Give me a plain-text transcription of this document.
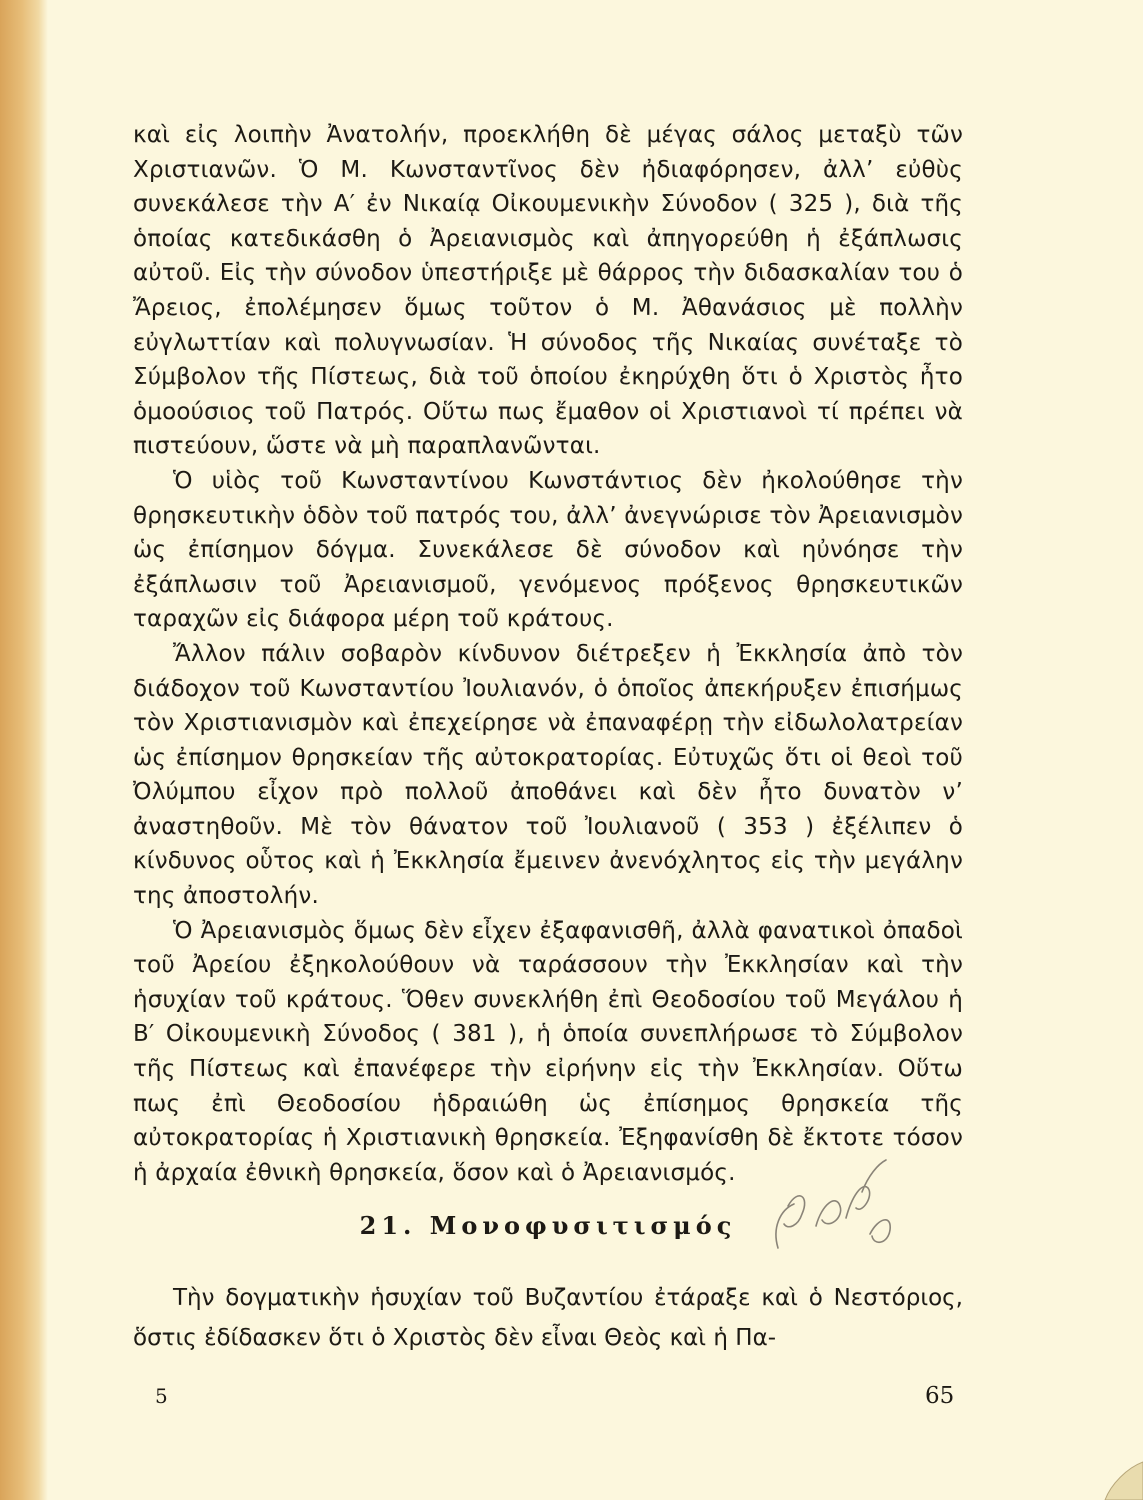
καὶ εἰς λοιπὴν Ἀνατολήν, προεκλήθη δὲ μέγας σάλος μεταξὺ τῶν Χριστιανῶν. Ὁ Μ. Κωνσταντῖνος δὲν ἠδιαφόρησεν, ἀλλ’ εὐθὺς συνεκάλεσε τὴν Α′ ἐν Νικαίᾳ Οἰκουμενικὴν Σύνοδον ( 325 ), διὰ τῆς ὁποίας κατεδικάσθη ὁ Ἀρειανισμὸς καὶ ἀπηγορεύθη ἡ ἐξάπλωσις αὐτοῦ. Εἰς τὴν σύνοδον ὑπεστήριξε μὲ θάρρος τὴν διδασκαλίαν του ὁ Ἄρειος, ἐπολέμησεν ὅμως τοῦτον ὁ Μ. Ἀθανάσιος μὲ πολλὴν εὐγλωττίαν καὶ πολυγνωσίαν. Ἡ σύνοδος τῆς Νικαίας συνέταξε τὸ Σύμβολον τῆς Πίστεως, διὰ τοῦ ὁποίου ἐκηρύχθη ὅτι ὁ Χριστὸς ἦτο ὁμοούσιος τοῦ Πατρός. Οὕτω πως ἔμαθον οἱ Χριστιανοὶ τί πρέπει νὰ πιστεύουν, ὥστε νὰ μὴ παραπλανῶνται.

Ὁ υἱὸς τοῦ Κωνσταντίνου Κωνστάντιος δὲν ἠκολούθησε τὴν θρησκευτικὴν ὁδὸν τοῦ πατρός του, ἀλλ’ ἀνεγνώρισε τὸν Ἀρειανισμὸν ὡς ἐπίσημον δόγμα. Συνεκάλεσε δὲ σύνοδον καὶ ηὐνόησε τὴν ἐξάπλωσιν τοῦ Ἀρειανισμοῦ, γενόμενος πρόξενος θρησκευτικῶν ταραχῶν εἰς διάφορα μέρη τοῦ κράτους.

Ἄλλον πάλιν σοβαρὸν κίνδυνον διέτρεξεν ἡ Ἐκκλησία ἀπὸ τὸν διάδοχον τοῦ Κωνσταντίου Ἰουλιανόν, ὁ ὁποῖος ἀπεκήρυξεν ἐπισήμως τὸν Χριστιανισμὸν καὶ ἐπεχείρησε νὰ ἐπαναφέρῃ τὴν εἰδωλολατρείαν ὡς ἐπίσημον θρησκείαν τῆς αὐτοκρατορίας. Εὐτυχῶς ὅτι οἱ θεοὶ τοῦ Ὀλύμπου εἶχον πρὸ πολλοῦ ἀποθάνει καὶ δὲν ἦτο δυνατὸν ν’ ἀναστηθοῦν. Μὲ τὸν θάνατον τοῦ Ἰουλιανοῦ ( 353 ) ἐξέλιπεν ὁ κίνδυνος οὗτος καὶ ἡ Ἐκκλησία ἔμεινεν ἀνενόχλητος εἰς τὴν μεγάλην της ἀποστολήν.

Ὁ Ἀρειανισμὸς ὅμως δὲν εἶχεν ἐξαφανισθῆ, ἀλλὰ φανατικοὶ ὀπαδοὶ τοῦ Ἀρείου ἐξηκολούθουν νὰ ταράσσουν τὴν Ἐκκλησίαν καὶ τὴν ἡσυχίαν τοῦ κράτους. Ὅθεν συνεκλήθη ἐπὶ Θεοδοσίου τοῦ Μεγάλου ἡ Β′ Οἰκουμενικὴ Σύνοδος ( 381 ), ἡ ὁποία συνεπλήρωσε τὸ Σύμβολον τῆς Πίστεως καὶ ἐπανέφερε τὴν εἰρήνην εἰς τὴν Ἐκκλησίαν. Οὕτω πως ἐπὶ Θεοδοσίου ἡδραιώθη ὡς ἐπίσημος θρησκεία τῆς αὐτοκρατορίας ἡ Χριστιανικὴ θρησκεία. Ἐξηφανίσθη δὲ ἔκτοτε τόσον ἡ ἀρχαία ἐθνικὴ θρησκεία, ὅσον καὶ ὁ Ἀρειανισμός.

21. Μονοφυσιτισμός

Τὴν δογματικὴν ἡσυχίαν τοῦ Βυζαντίου ἐτάραξε καὶ ὁ Νεστόριος, ὅστις ἐδίδασκεν ὅτι ὁ Χριστὸς δὲν εἶναι Θεὸς καὶ ἡ Πα-

5	65
